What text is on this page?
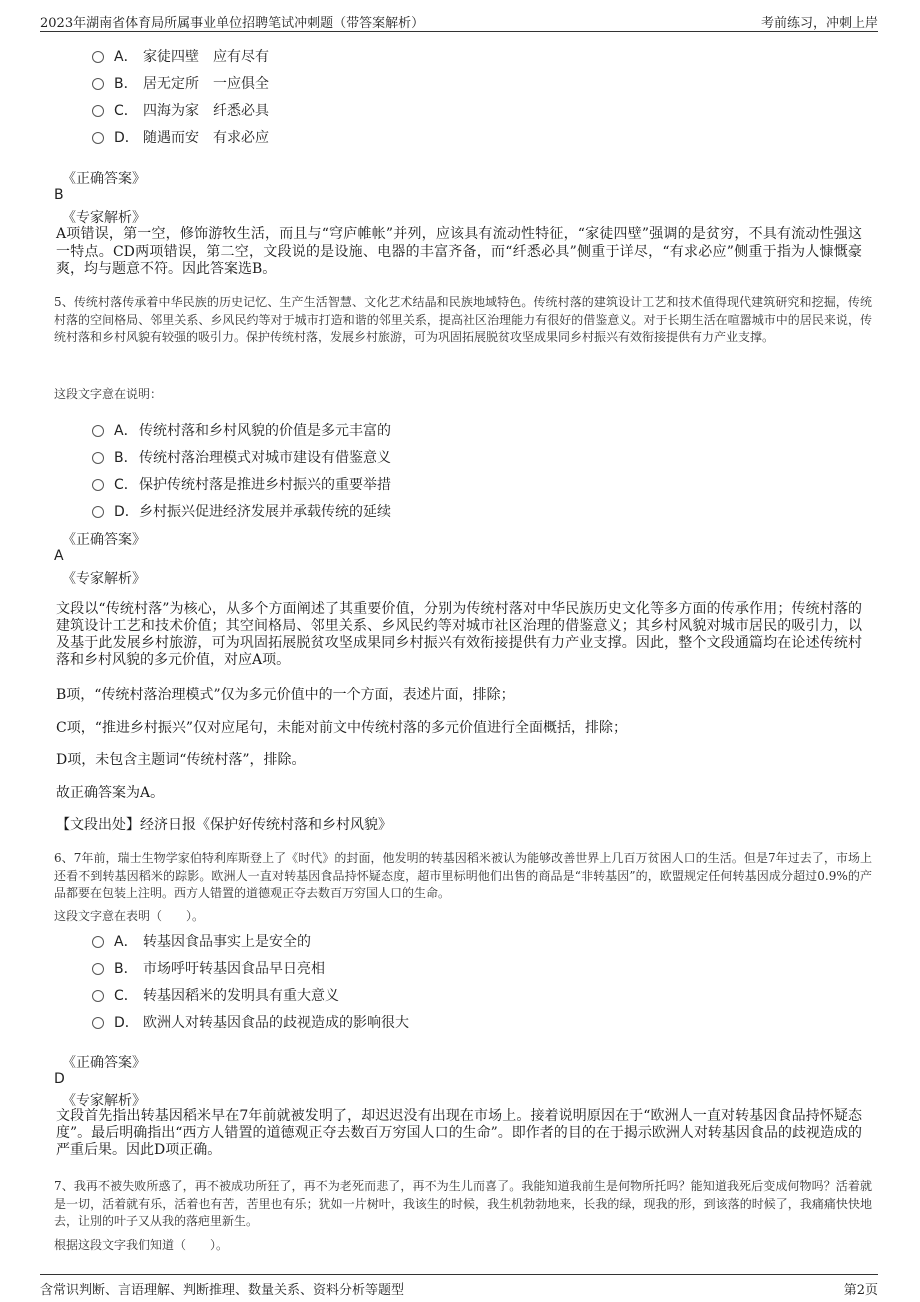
2023年湖南省体育局所属事业单位招聘笔试冲刺题（带答案解析）	考前练习，冲刺上岸
A． 家徒四壁　应有尽有
B． 居无定所　一应俱全
C． 四海为家　纤悉必具
D． 随遇而安　有求必应
《正确答案》
B
《专家解析》
A项错误，第一空，修饰游牧生活，而且与“穹庐帷帐”并列，应该具有流动性特征，“家徒四壁”强调的是贫穷，不具有流动性强这一特点。CD两项错误，第二空，文段说的是设施、电器的丰富齐备，而“纤悉必具”侧重于详尽，“有求必应”侧重于指为人慷慨豪爽，均与题意不符。因此答案选B。
5、传统村落传承着中华民族的历史记忆、生产生活智慧、文化艺术结晶和民族地域特色。传统村落的建筑设计工艺和技术值得现代建筑研究和挖掘，传统村落的空间格局、邻里关系、乡风民约等对于城市打造和谐的邻里关系，提高社区治理能力有很好的借鉴意义。对于长期生活在喧嚣城市中的居民来说，传统村落和乡村风貌有较强的吸引力。保护传统村落，发展乡村旅游，可为巩固拓展脱贫攻坚成果同乡村振兴有效衔接提供有力产业支撑。
这段文字意在说明：
A． 传统村落和乡村风貌的价值是多元丰富的
B． 传统村落治理模式对城市建设有借鉴意义
C． 保护传统村落是推进乡村振兴的重要举措
D． 乡村振兴促进经济发展并承载传统的延续
《正确答案》
A
《专家解析》
文段以“传统村落”为核心，从多个方面阐述了其重要价值，分别为传统村落对中华民族历史文化等多方面的传承作用；传统村落的建筑设计工艺和技术价值；其空间格局、邻里关系、乡风民约等对城市社区治理的借鉴意义；其乡村风貌对城市居民的吸引力，以及基于此发展乡村旅游，可为巩固拓展脱贫攻坚成果同乡村振兴有效衔接提供有力产业支撑。因此，整个文段通篇均在论述传统村落和乡村风貌的多元价值，对应A项。
B项，“传统村落治理模式”仅为多元价值中的一个方面，表述片面，排除；
C项，“推进乡村振兴”仅对应尾句，未能对前文中传统村落的多元价值进行全面概括，排除；
D项，未包含主题词“传统村落”，排除。
故正确答案为A。
【文段出处】经济日报《保护好传统村落和乡村风貌》
6、7年前，瑞士生物学家伯特利库斯登上了《时代》的封面，他发明的转基因稻米被认为能够改善世界上几百万贫困人口的生活。但是7年过去了，市场上还看不到转基因稻米的踪影。欧洲人一直对转基因食品持怀疑态度，超市里标明他们出售的商品是“非转基因”的，欧盟规定任何转基因成分超过0.9%的产品都要在包装上注明。西方人错置的道德观正夺去数百万穷国人口的生命。
这段文字意在表明（　　）。
A． 转基因食品事实上是安全的
B． 市场呼吁转基因食品早日亮相
C． 转基因稻米的发明具有重大意义
D． 欧洲人对转基因食品的歧视造成的影响很大
《正确答案》
D
《专家解析》
文段首先指出转基因稻米早在7年前就被发明了，却迟迟没有出现在市场上。接着说明原因在于“欧洲人一直对转基因食品持怀疑态度”。最后明确指出“西方人错置的道德观正夺去数百万穷国人口的生命”。即作者的目的在于揭示欧洲人对转基因食品的歧视造成的严重后果。因此D项正确。
7、我再不被失败所惑了，再不被成功所狂了，再不为老死而悲了，再不为生儿而喜了。我能知道我前生是何物所托吗？能知道我死后变成何物吗？活着就是一切，活着就有乐，活着也有苦，苦里也有乐；犹如一片树叶，我该生的时候，我生机勃勃地来，长我的绿，现我的形，到该落的时候了，我痛痛快快地去，让別的叶子又从我的落疤里新生。
根据这段文字我们知道（　　）。
含常识判断、言语理解、判断推理、数量关系、资料分析等题型	第2页
